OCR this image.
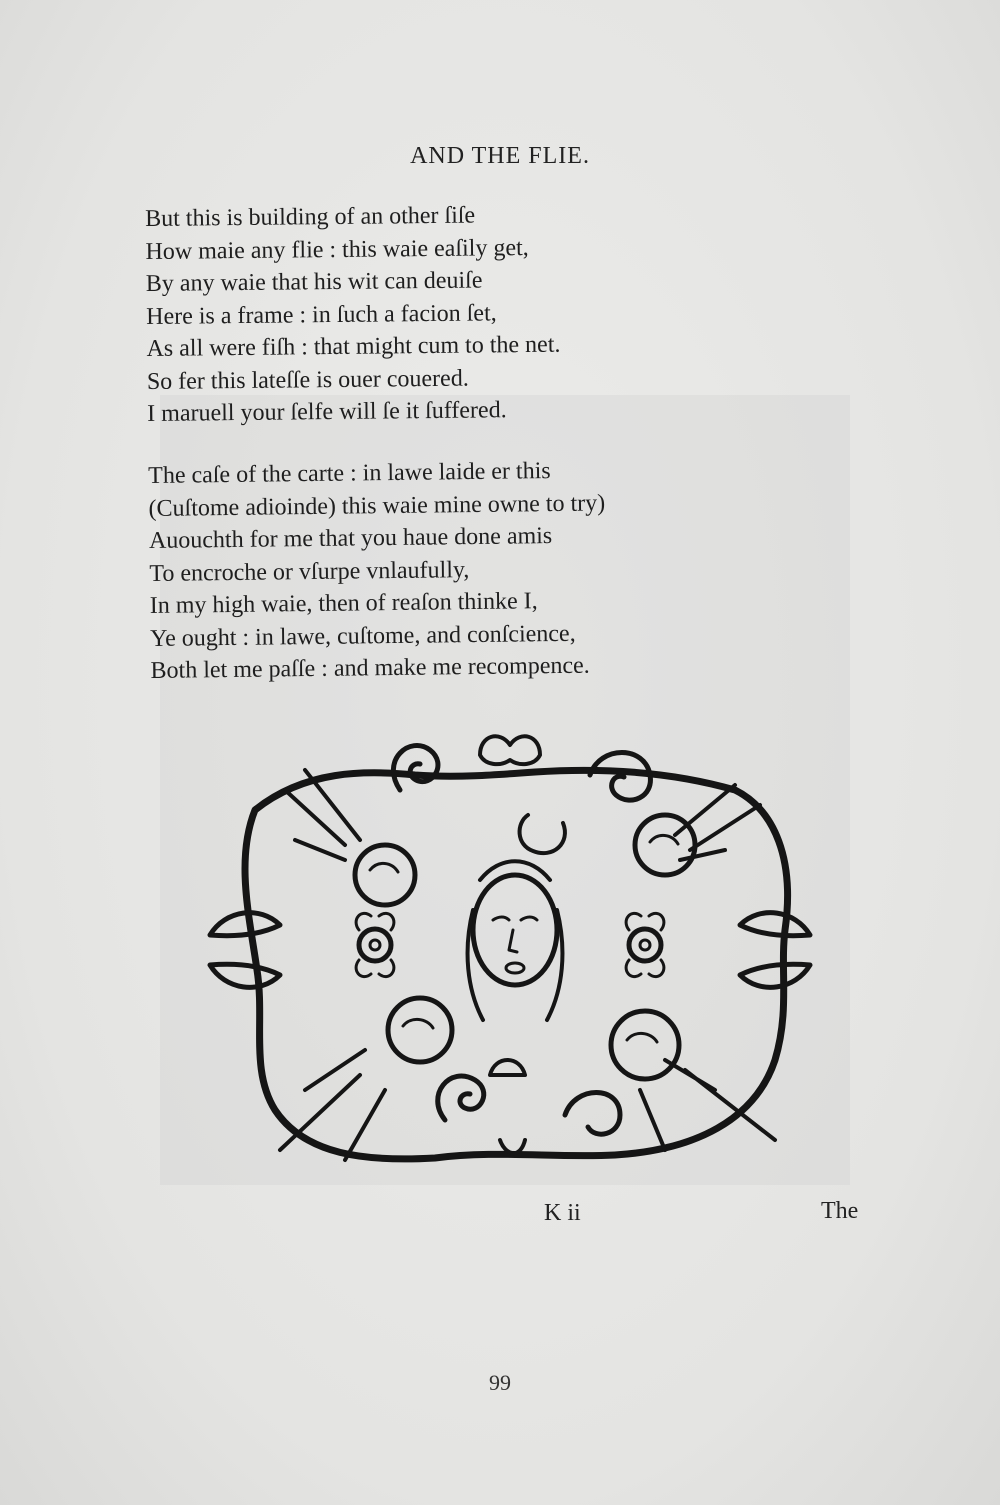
AND THE FLIE.
But this is building of an other ſiſe
How maie any flie : this waie eaſily get,
By any waie that his wit can deuiſe
Here is a frame : in ſuch a facion ſet,
As all were fiſh : that might cum to the net.
So fer this lateſſe is ouer couered.
I maruell your ſelfe will ſe it ſuffered.
The caſe of the carte : in lawe laide er this
(Cuſtome adioinde) this waie mine owne to try)
Auouchth for me that you haue done amis
To encroche or vſurpe vnlaufully,
In my high waie, then of reaſon thinke I,
Ye ought : in lawe, cuſtome, and conſcience,
Both let me paſſe : and make me recompence.
K ii	The
99
